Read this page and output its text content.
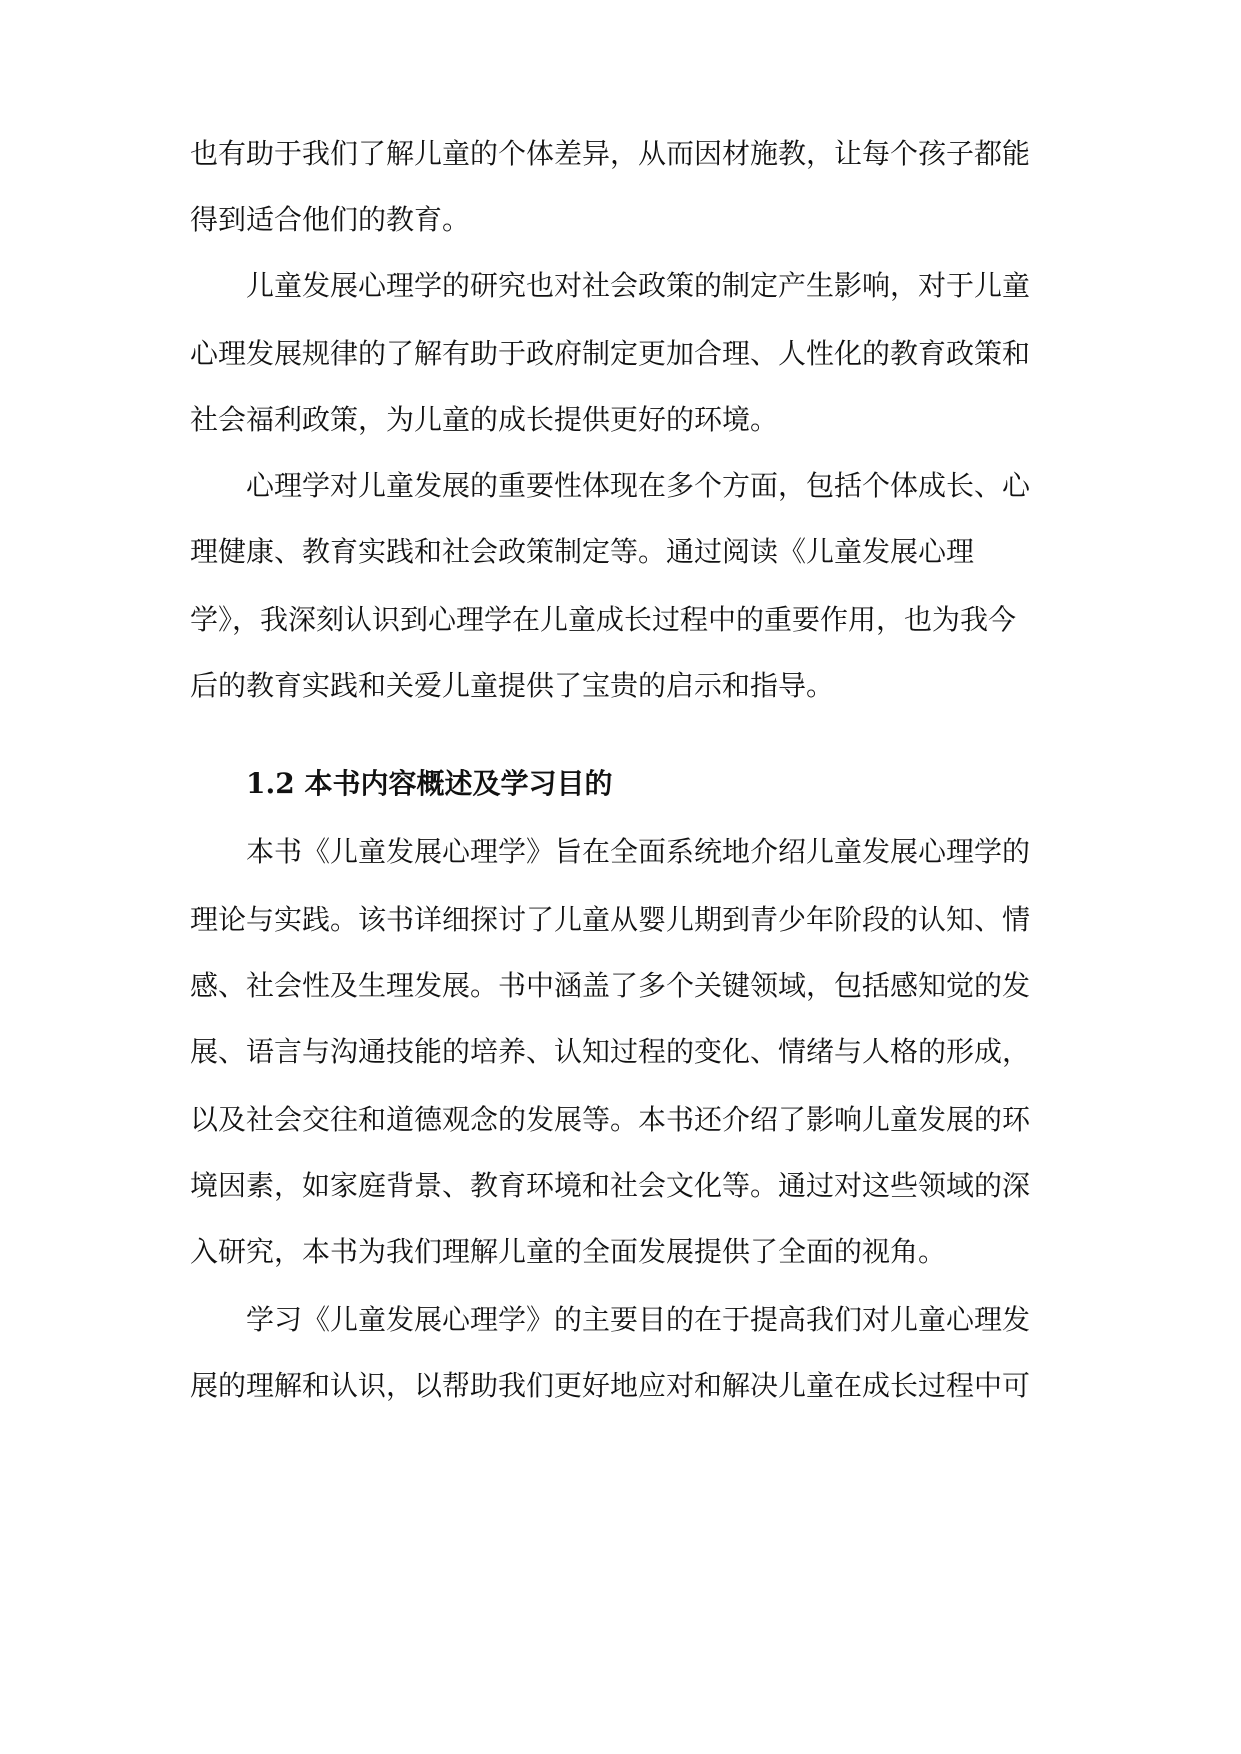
也有助于我们了解儿童的个体差异，从而因材施教，让每个孩子都能

得到适合他们的教育。

儿童发展心理学的研究也对社会政策的制定产生影响，对于儿童

心理发展规律的了解有助于政府制定更加合理、人性化的教育政策和

社会福利政策，为儿童的成长提供更好的环境。

心理学对儿童发展的重要性体现在多个方面，包括个体成长、心

理健康、教育实践和社会政策制定等。通过阅读《儿童发展心理

学》，我深刻认识到心理学在儿童成长过程中的重要作用，也为我今

后的教育实践和关爱儿童提供了宝贵的启示和指导。

1.2 本书内容概述及学习目的

本书《儿童发展心理学》旨在全面系统地介绍儿童发展心理学的

理论与实践。该书详细探讨了儿童从婴儿期到青少年阶段的认知、情

感、社会性及生理发展。书中涵盖了多个关键领域，包括感知觉的发

展、语言与沟通技能的培养、认知过程的变化、情绪与人格的形成，

以及社会交往和道德观念的发展等。本书还介绍了影响儿童发展的环

境因素，如家庭背景、教育环境和社会文化等。通过对这些领域的深

入研究，本书为我们理解儿童的全面发展提供了全面的视角。

学习《儿童发展心理学》的主要目的在于提高我们对儿童心理发

展的理解和认识，以帮助我们更好地应对和解决儿童在成长过程中可
